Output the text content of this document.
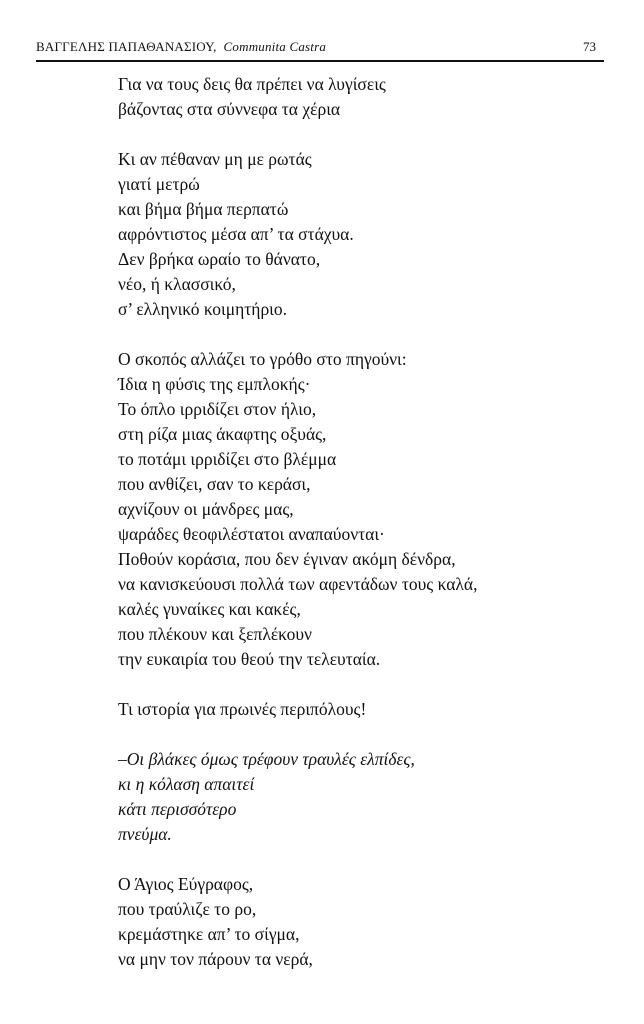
ΒΑΓΓΕΛΗΣ ΠΑΠΑΘΑΝΑΣΙΟΥ, Communita Castra	73
Για να τους δεις θα πρέπει να λυγίσεις
βάζοντας στα σύννεφα τα χέρια
Κι αν πέθαναν μη με ρωτάς
γιατί μετρώ
και βήμα βήμα περπατώ
αφρόντιστος μέσα απ’ τα στάχυα.
Δεν βρήκα ωραίο το θάνατο,
νέο, ή κλασσικό,
σ’ ελληνικό κοιμητήριο.
Ο σκοπός αλλάζει το γρόθο στο πηγούνι:
Ίδια η φύσις της εμπλοκής·
Το όπλο ιρριδίζει στον ήλιο,
στη ρίζα μιας άκαφτης οξυάς,
το ποτάμι ιρριδίζει στο βλέμμα
που ανθίζει, σαν το κεράσι,
αχνίζουν οι μάνδρες μας,
ψαράδες θεοφιλέστατοι αναπαύονται·
Ποθούν κοράσια, που δεν έγιναν ακόμη δένδρα,
να κανισκεύουσι πολλά των αφεντάδων τους καλά,
καλές γυναίκες και κακές,
που πλέκουν και ξεπλέκουν
την ευκαιρία του θεού την τελευταία.
Τι ιστορία για πρωινές περιπόλους!
–Οι βλάκες όμως τρέφουν τραυλές ελπίδες,
κι η κόλαση απαιτεί
κάτι περισσότερο
πνεύμα.
Ο Άγιος Εύγραφος,
που τραύλιζε το ρο,
κρεμάστηκε απ’ το σίγμα,
να μην τον πάρουν τα νερά,
